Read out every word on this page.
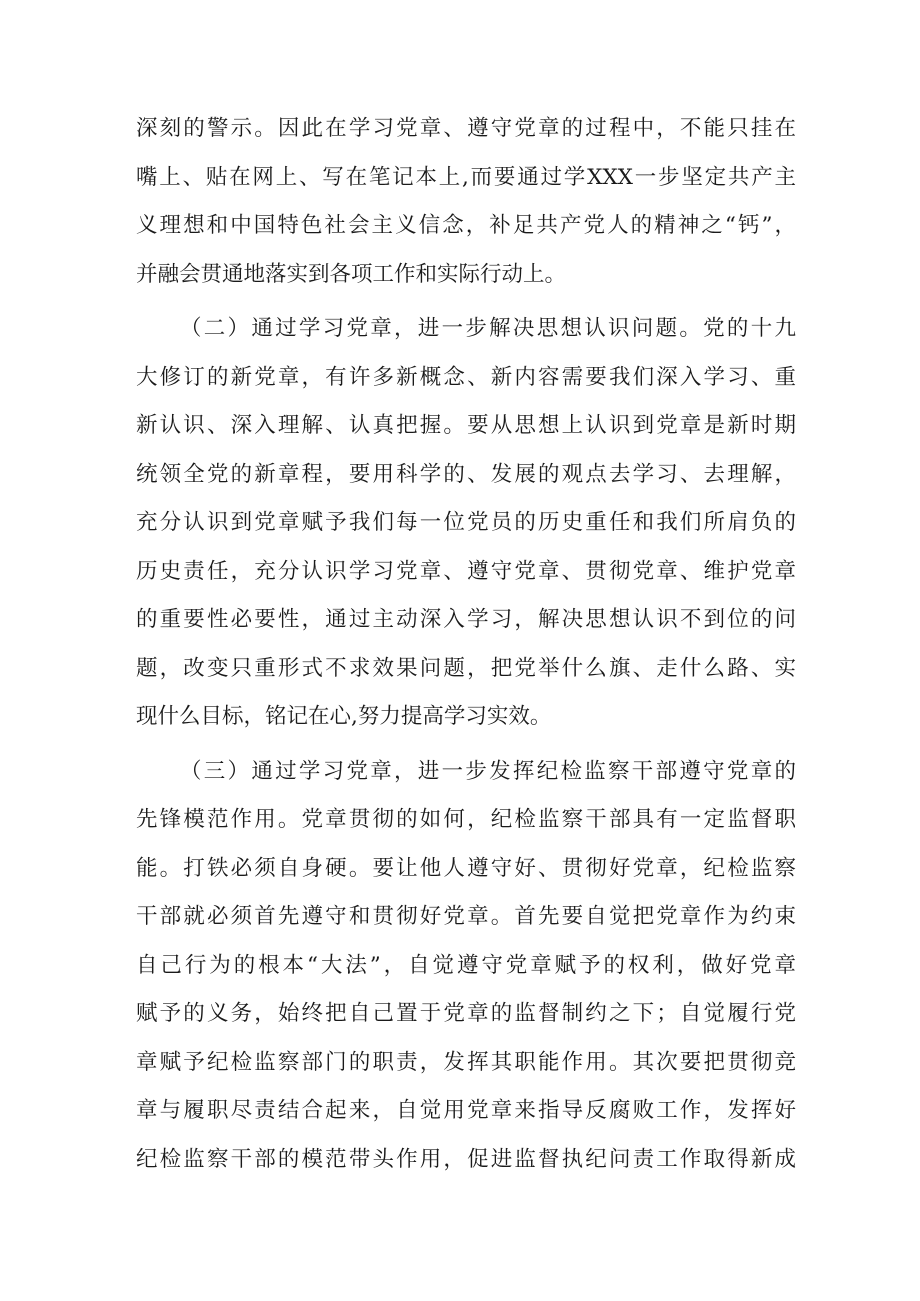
深刻的警示。因此在学习党章、遵守党章的过程中，不能只挂在
嘴上、贴在网上、写在笔记本上,而要通过学XXX一步坚定共产主
义理想和中国特色社会主义信念，补足共产党人的精神之“钙”，
并融会贯通地落实到各项工作和实际行动上。
（二）通过学习党章，进一步解决思想认识问题。党的十九
大修订的新党章，有许多新概念、新内容需要我们深入学习、重
新认识、深入理解、认真把握。要从思想上认识到党章是新时期
统领全党的新章程，要用科学的、发展的观点去学习、去理解，
充分认识到党章赋予我们每一位党员的历史重任和我们所肩负的
历史责任，充分认识学习党章、遵守党章、贯彻党章、维护党章
的重要性必要性，通过主动深入学习，解决思想认识不到位的问
题，改变只重形式不求效果问题，把党举什么旗、走什么路、实
现什么目标，铭记在心,努力提高学习实效。
（三）通过学习党章，进一步发挥纪检监察干部遵守党章的
先锋模范作用。党章贯彻的如何，纪检监察干部具有一定监督职
能。打铁必须自身硬。要让他人遵守好、贯彻好党章，纪检监察
干部就必须首先遵守和贯彻好党章。首先要自觉把党章作为约束
自己行为的根本“大法”，自觉遵守党章赋予的权利，做好党章
赋予的义务，始终把自己置于党章的监督制约之下；自觉履行党
章赋予纪检监察部门的职责，发挥其职能作用。其次要把贯彻竞
章与履职尽责结合起来，自觉用党章来指导反腐败工作，发挥好
纪检监察干部的模范带头作用，促进监督执纪问责工作取得新成
